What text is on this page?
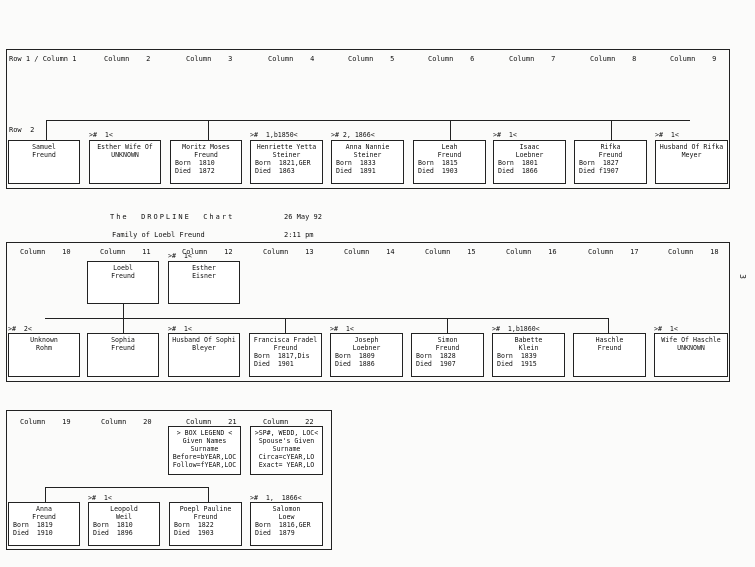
3
Row 1 / Column 1	Column    2	Column    3	Column    4	Column    5	Column    6	Column    7	Column    8	Column    9
Row  2
Samuel
Freund
>#  1<
Esther Wife Of
UNKNOWN
Moritz Moses
Freund
Born  1810
Died  1872
>#  1,b1850<
Henriette Yetta
Steiner
Born  1821,GER
Died  1863
># 2, 1866<
Anna Nannie
Steiner
Born  1833
Died  1891
Leah
Freund
Born  1815
Died  1903
>#  1<
Isaac
Loebner
Born  1801
Died  1866
Rifka
Freund
Born  1827
Died f1907
>#  1<
Husband Of Rifka
Meyer
The  DROPLINE  Chart	26 May 92
Family of Loebl Freund	2:11 pm
Column    10	Column    11	Column    12	Column    13	Column    14	Column    15	Column    16	Column    17	Column    18
Loebl
Freund
>#  1<
Esther
Eisner
>#  2<
Unknown
Rohm
Sophia
Freund
>#  1<
Husband Of Sophi
Bleyer
Francisca Fradel
Freund
Born  1817,Dis
Died  1901
>#  1<
Joseph
Loebner
Born  1809
Died  1886
Simon
Freund
Born  1828
Died  1907
>#  1,b1860<
Babette
Klein
Born  1839
Died  1915
Haschle
Freund
>#  1<
Wife Of Haschle
UNKNOWN
Column    19	Column    20	Column    21	Column    22
> BOX LEGEND <
Given Names
Surname
Before=bYEAR,LOC
Follow=fYEAR,LOC
>SP#, WEDD, LOC<
Spouse's Given
Surname
Circa=cYEAR,LO
Exact= YEAR,LO
Anna
Freund
Born  1819
Died  1910
>#  1<
Leopold
Weil
Born  1810
Died  1896
Poepl Pauline
Freund
Born  1822
Died  1903
>#  1,  1866<
Salomon
Loew
Born  1816,GER
Died  1879
